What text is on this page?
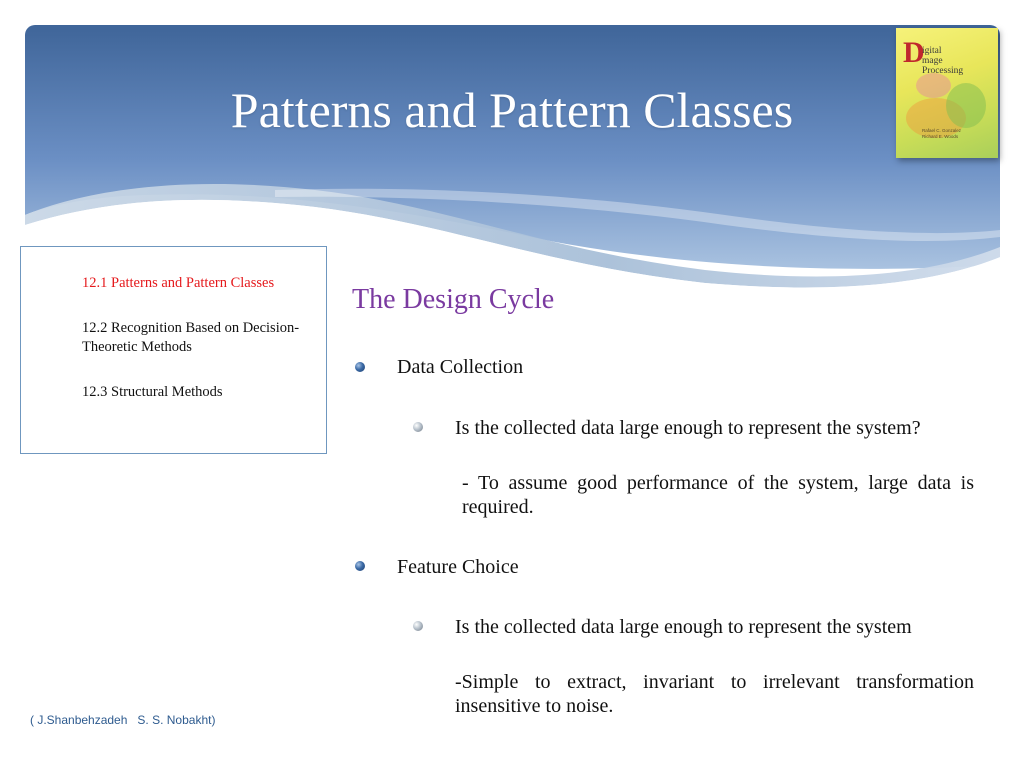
Patterns and Pattern Classes
D
igital
mage
Processing
Rafael C. Gonzalez
Richard E. Woods
12.1 Patterns and Pattern Classes
12.2 Recognition Based on Decision-Theoretic Methods
12.3 Structural Methods
The Design Cycle
Data Collection
Is the collected data large enough to represent the system?
- To assume good performance of the system, large data is required.
Feature Choice
Is the collected data large enough to represent the system
-Simple to extract, invariant to irrelevant transformation insensitive to noise.
( J.Shanbehzadeh   S. S. Nobakht)
